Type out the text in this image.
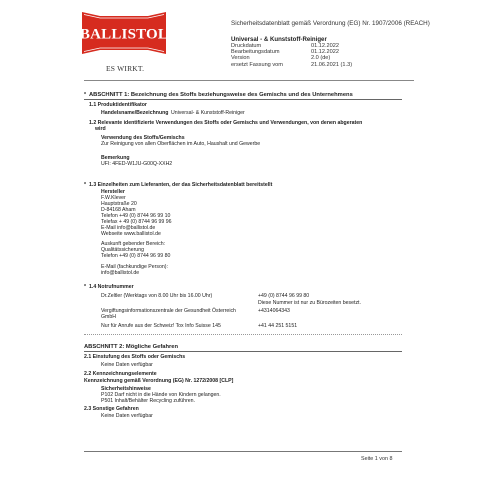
BALLISTOL
ES WIRKT.
Sicherheitsdatenblatt gemäß Verordnung (EG) Nr. 1907/2006 (REACH)
Universal - & Kunststoff-Reiniger
Druckdatum	01.12.2022
Bearbeitungsdatum	01.12.2022
Version	2.0 (de)
ersetzt Fassung vom	21.06.2021 (1.3)
* ABSCHNITT 1: Bezeichnung des Stoffs beziehungsweise des Gemischs und des Unternehmens
1.1 Produktidentifikator
Handelsname/Bezeichnung Universal- & Kunststoff-Reiniger
1.2 Relevante identifizierte Verwendungen des Stoffs oder Gemischs und Verwendungen, von denen abgeraten
wird
Verwendung des Stoffs/Gemischs
Zur Reinigung von allen Oberflächen im Auto, Haushalt und Gewerbe
Bemerkung
UFI: 4FED-W1JU-G00Q-XXH2
* 1.3 Einzelheiten zum Lieferanten, der das Sicherheitsdatenblatt bereitstellt
Hersteller
F.W.Klever
Hauptstraße 20
D-84168 Aham
Telefon +49 (0) 8744 96 99 10
Telefax + 49 (0) 8744 96 99 96
E-Mail info@ballistol.de
Webseite www.ballistol.de
Auskunft gebender Bereich:
Qualitätssicherung
Telefon +49 (0) 8744 96 99 80
E-Mail (fachkundige Person):
info@ballistol.de
* 1.4 Notrufnummer
Dr.Zeltler (Werktags von 8.00 Uhr bis 16.00 Uhr)	+49 (0) 8744 96 99 80
Diese Nummer ist nur zu Bürozeiten besetzt.
Vergiftungsinformationszentrale der Gesundheit Österreich	+4314064343
GmbH
Nur für Anrufe aus der Schweiz! Tox Info Suisse 145	+41 44 251 5151
ABSCHNITT 2: Mögliche Gefahren
2.1 Einstufung des Stoffs oder Gemischs
Keine Daten verfügbar
2.2 Kennzeichnungselemente
Kennzeichnung gemäß Verordnung (EG) Nr. 1272/2008 [CLP]
Sicherheitshinweise
P102 Darf nicht in die Hände von Kindern gelangen.
P501 Inhalt/Behälter Recycling zuführen.
2.3 Sonstige Gefahren
Keine Daten verfügbar
Seite 1 von 8
